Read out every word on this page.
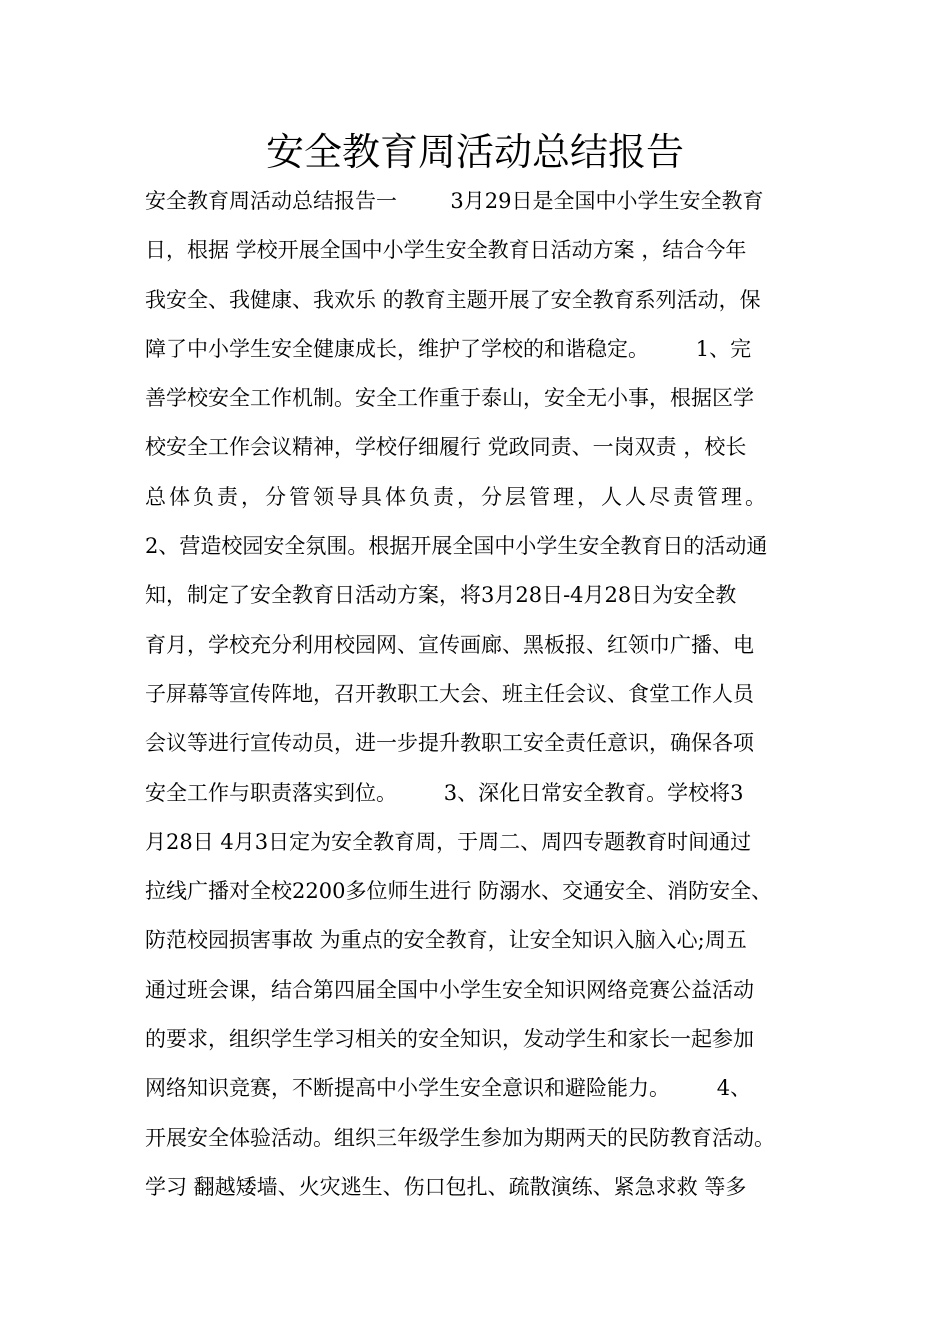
安全教育周活动总结报告
安全教育周活动总结报告一        3月29日是全国中小学生安全教育
日，根据 学校开展全国中小学生安全教育日活动方案 ，结合今年
我安全、我健康、我欢乐 的教育主题开展了安全教育系列活动，保
障了中小学生安全健康成长，维护了学校的和谐稳定。       1、完
善学校安全工作机制。安全工作重于泰山，安全无小事，根据区学
校安全工作会议精神，学校仔细履行 党政同责、一岗双责 ，校长
总体负责，分管领导具体负责，分层管理，人人尽责管理。
2、营造校园安全氛围。根据开展全国中小学生安全教育日的活动通
知，制定了安全教育日活动方案，将3月28日-4月28日为安全教
育月，学校充分利用校园网、宣传画廊、黑板报、红领巾广播、电
子屏幕等宣传阵地，召开教职工大会、班主任会议、食堂工作人员
会议等进行宣传动员，进一步提升教职工安全责任意识，确保各项
安全工作与职责落实到位。       3、深化日常安全教育。学校将3
月28日 4月3日定为安全教育周，于周二、周四专题教育时间通过
拉线广播对全校2200多位师生进行 防溺水、交通安全、消防安全、
防范校园损害事故 为重点的安全教育，让安全知识入脑入心;周五
通过班会课，结合第四届全国中小学生安全知识网络竞赛公益活动
的要求，组织学生学习相关的安全知识，发动学生和家长一起参加
网络知识竞赛，不断提高中小学生安全意识和避险能力。       4、
开展安全体验活动。组织三年级学生参加为期两天的民防教育活动。
学习 翻越矮墙、火灾逃生、伤口包扎、疏散演练、紧急求救 等多
